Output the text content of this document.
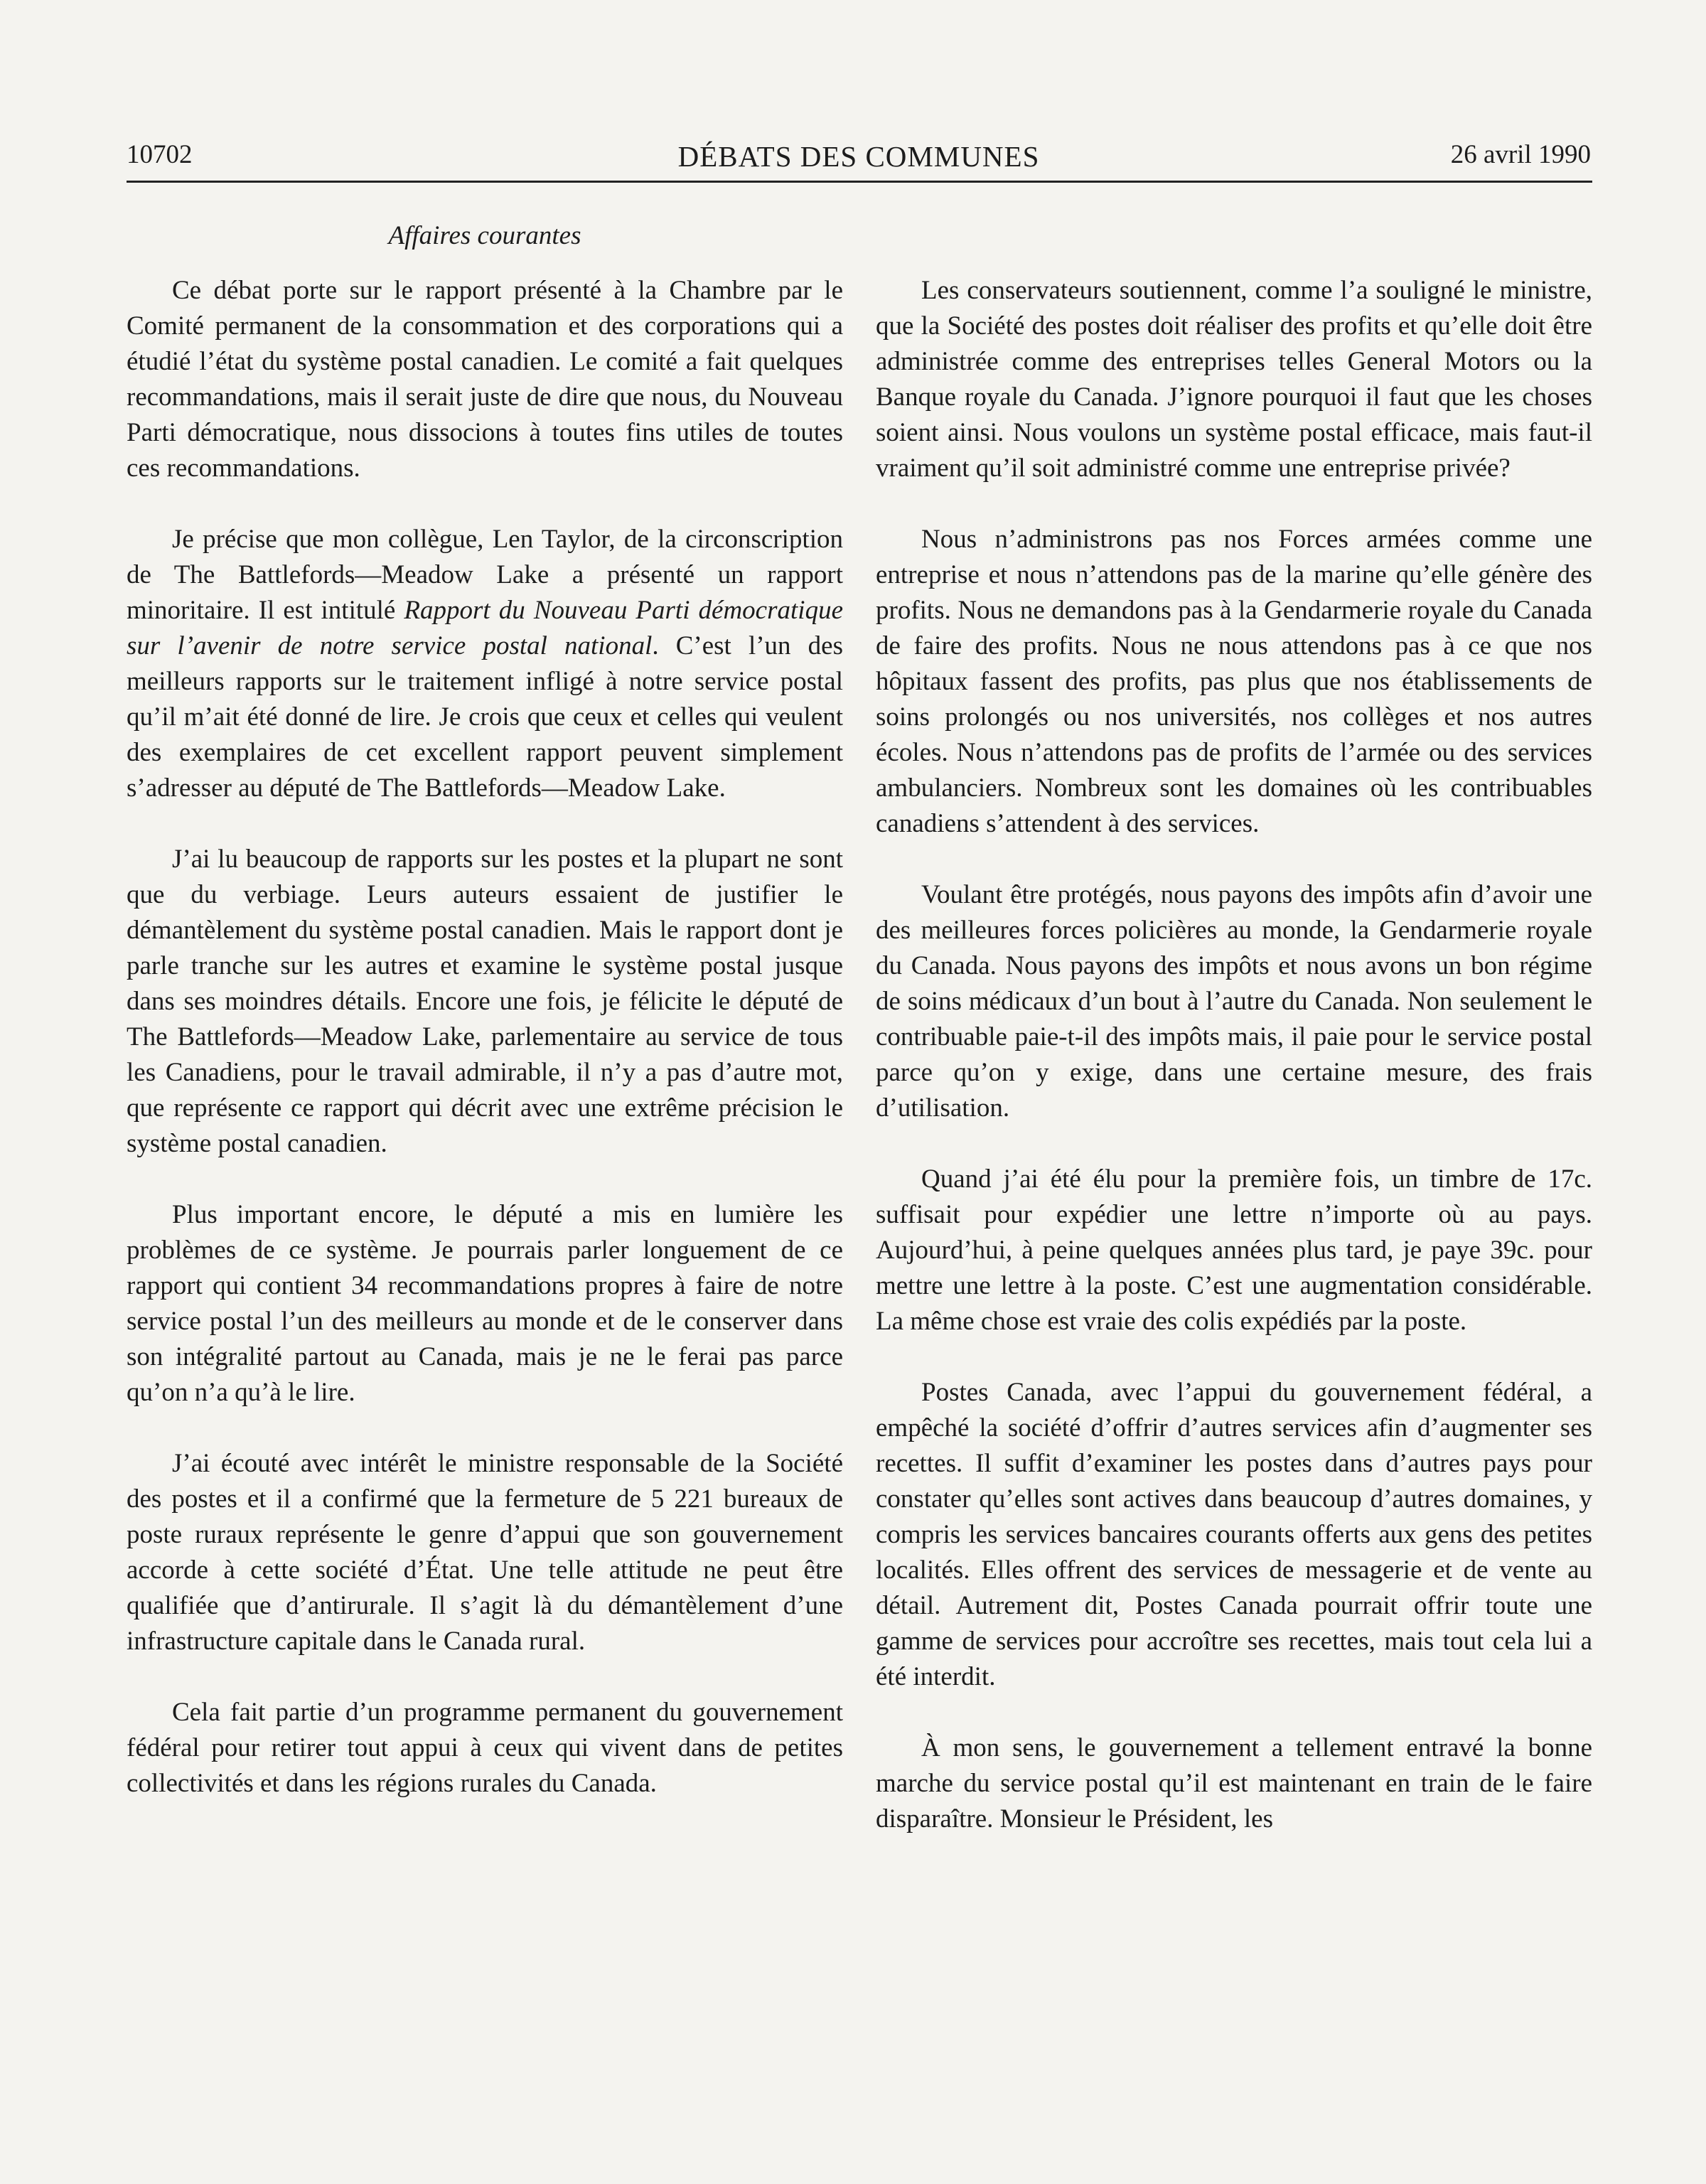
10702	DÉBATS DES COMMUNES	26 avril 1990
Affaires courantes

Ce débat porte sur le rapport présenté à la Chambre par le Comité permanent de la consommation et des corporations qui a étudié l’état du système postal canadien. Le comité a fait quelques recommandations, mais il serait juste de dire que nous, du Nouveau Parti démocratique, nous dissocions à toutes fins utiles de toutes ces recommandations.

Je précise que mon collègue, Len Taylor, de la circonscription de The Battlefords—Meadow Lake a présenté un rapport minoritaire. Il est intitulé Rapport du Nouveau Parti démocratique sur l’avenir de notre service postal national. C’est l’un des meilleurs rapports sur le traitement infligé à notre service postal qu’il m’ait été donné de lire. Je crois que ceux et celles qui veulent des exemplaires de cet excellent rapport peuvent simplement s’adresser au député de The Battlefords—Meadow Lake.

J’ai lu beaucoup de rapports sur les postes et la plupart ne sont que du verbiage. Leurs auteurs essaient de justifier le démantèlement du système postal canadien. Mais le rapport dont je parle tranche sur les autres et examine le système postal jusque dans ses moindres détails. Encore une fois, je félicite le député de The Battlefords—Meadow Lake, parlementaire au service de tous les Canadiens, pour le travail admirable, il n’y a pas d’autre mot, que représente ce rapport qui décrit avec une extrême précision le système postal canadien.

Plus important encore, le député a mis en lumière les problèmes de ce système. Je pourrais parler longuement de ce rapport qui contient 34 recommandations propres à faire de notre service postal l’un des meilleurs au monde et de le conserver dans son intégralité partout au Canada, mais je ne le ferai pas parce qu’on n’a qu’à le lire.

J’ai écouté avec intérêt le ministre responsable de la Société des postes et il a confirmé que la fermeture de 5 221 bureaux de poste ruraux représente le genre d’appui que son gouvernement accorde à cette société d’État. Une telle attitude ne peut être qualifiée que d’antirurale. Il s’agit là du démantèlement d’une infrastructure capitale dans le Canada rural.

Cela fait partie d’un programme permanent du gouvernement fédéral pour retirer tout appui à ceux qui vivent dans de petites collectivités et dans les régions rurales du Canada.

Les conservateurs soutiennent, comme l’a souligné le ministre, que la Société des postes doit réaliser des profits et qu’elle doit être administrée comme des entreprises telles General Motors ou la Banque royale du Canada. J’ignore pourquoi il faut que les choses soient ainsi. Nous voulons un système postal efficace, mais faut-il vraiment qu’il soit administré comme une entreprise privée?

Nous n’administrons pas nos Forces armées comme une entreprise et nous n’attendons pas de la marine qu’elle génère des profits. Nous ne demandons pas à la Gendarmerie royale du Canada de faire des profits. Nous ne nous attendons pas à ce que nos hôpitaux fassent des profits, pas plus que nos établissements de soins prolongés ou nos universités, nos collèges et nos autres écoles. Nous n’attendons pas de profits de l’armée ou des services ambulanciers. Nombreux sont les domaines où les contribuables canadiens s’attendent à des services.

Voulant être protégés, nous payons des impôts afin d’avoir une des meilleures forces policières au monde, la Gendarmerie royale du Canada. Nous payons des impôts et nous avons un bon régime de soins médicaux d’un bout à l’autre du Canada. Non seulement le contribuable paie-t-il des impôts mais, il paie pour le service postal parce qu’on y exige, dans une certaine mesure, des frais d’utilisation.

Quand j’ai été élu pour la première fois, un timbre de 17c. suffisait pour expédier une lettre n’importe où au pays. Aujourd’hui, à peine quelques années plus tard, je paye 39c. pour mettre une lettre à la poste. C’est une augmentation considérable. La même chose est vraie des colis expédiés par la poste.

Postes Canada, avec l’appui du gouvernement fédéral, a empêché la société d’offrir d’autres services afin d’augmenter ses recettes. Il suffit d’examiner les postes dans d’autres pays pour constater qu’elles sont actives dans beaucoup d’autres domaines, y compris les services bancaires courants offerts aux gens des petites localités. Elles offrent des services de messagerie et de vente au détail. Autrement dit, Postes Canada pourrait offrir toute une gamme de services pour accroître ses recettes, mais tout cela lui a été interdit.

À mon sens, le gouvernement a tellement entravé la bonne marche du service postal qu’il est maintenant en train de le faire disparaître. Monsieur le Président, les
